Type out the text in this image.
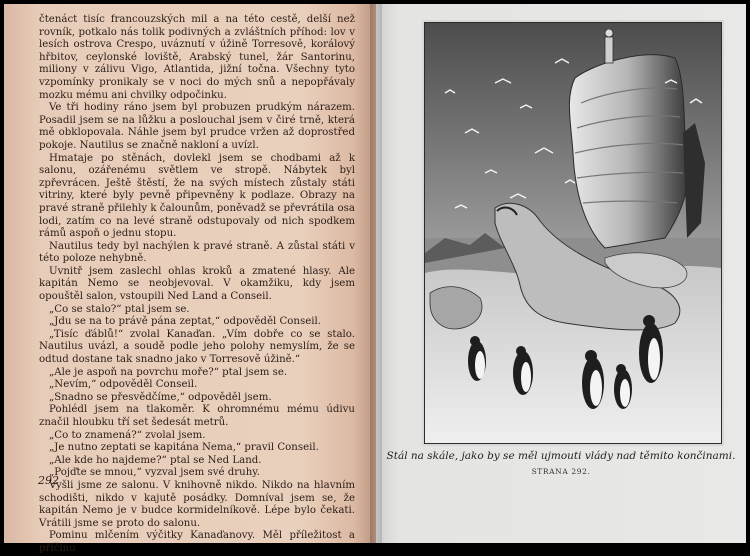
čtenáct tisíc francouzských mil a na této cestě, delší než rovník, potkalo nás tolik podivných a zvláštních příhod: lov v lesích ostrova Crespo, uváznutí v úžině Torresově, korálový hřbitov, ceylonské loviště, Arabský tunel, žár Santorinu, miliony v zálivu Vigo, Atlantida, jižní točna. Všechny tyto vzpomínky pronikaly se v noci do mých snů a nepopřávaly mozku mému ani chvilky odpočinku.

Ve tři hodiny ráno jsem byl probuzen prudkým nárazem. Posadil jsem se na lůžku a poslouchal jsem v čiré trně, která mě obklopovala. Náhle jsem byl prudce vržen až doprostřed pokoje. Nautilus se značně nakloní a uvízl.

Hmataje po stěnách, dovlekl jsem se chodbami až k salonu, ozářenému světlem ve stropě. Nábytek byl zpřevrácen. Ještě štěstí, že na svých místech zůstaly státi vitriny, které byly pevně připevněny k podlaze. Obrazy na pravé straně přilehly k čalounům, poněvadž se převrátila osa lodi, zatím co na levé straně odstupovaly od nich spodkem rámů aspoň o jednu stopu.

Nautilus tedy byl nachýlen k pravé straně. A zůstal státi v této poloze nehybně.

Uvnitř jsem zaslechl ohlas kroků a zmatené hlasy. Ale kapitán Nemo se neobjevoval. V okamžiku, kdy jsem opouštěl salon, vstoupili Ned Land a Conseil.

„Co se stalo?“ ptal jsem se.

„Jdu se na to právě pána zeptat,“ odpověděl Conseil.

„Tisíc ďáblů!“ zvolal Kanaďan. „Vím dobře co se stalo. Nautilus uvázl, a soudě podle jeho polohy nemyslím, že se odtud dostane tak snadno jako v Torresově úžině.“

„Ale je aspoň na povrchu moře?“ ptal jsem se.

„Nevím,“ odpověděl Conseil.

„Snadno se přesvědčíme,“ odpověděl jsem.

Pohlédl jsem na tlakoměr. K ohromnému mému údivu značil hloubku tří set šedesát metrů.

„Co to znamená?“ zvolal jsem.

„Je nutno zeptati se kapitána Nema,“ pravil Conseil.

„Ale kde ho najdeme?“ ptal se Ned Land.

„Pojďte se mnou,“ vyzval jsem své druhy.

Vyšli jsme ze salonu. V knihovně nikdo. Nikdo na hlavním schodišti, nikdo v kajutě posádky. Domníval jsem se, že kapitán Nemo je v budce kormidelníkově. Lépe bylo čekati. Vrátili jsme se proto do salonu.

Pominu mlčením výčitky Kanaďanovy. Měl příležitost a příčinu

292
Stál na skále, jako by se měl ujmouti vlády nad těmito končinami.
STRANA 292.
